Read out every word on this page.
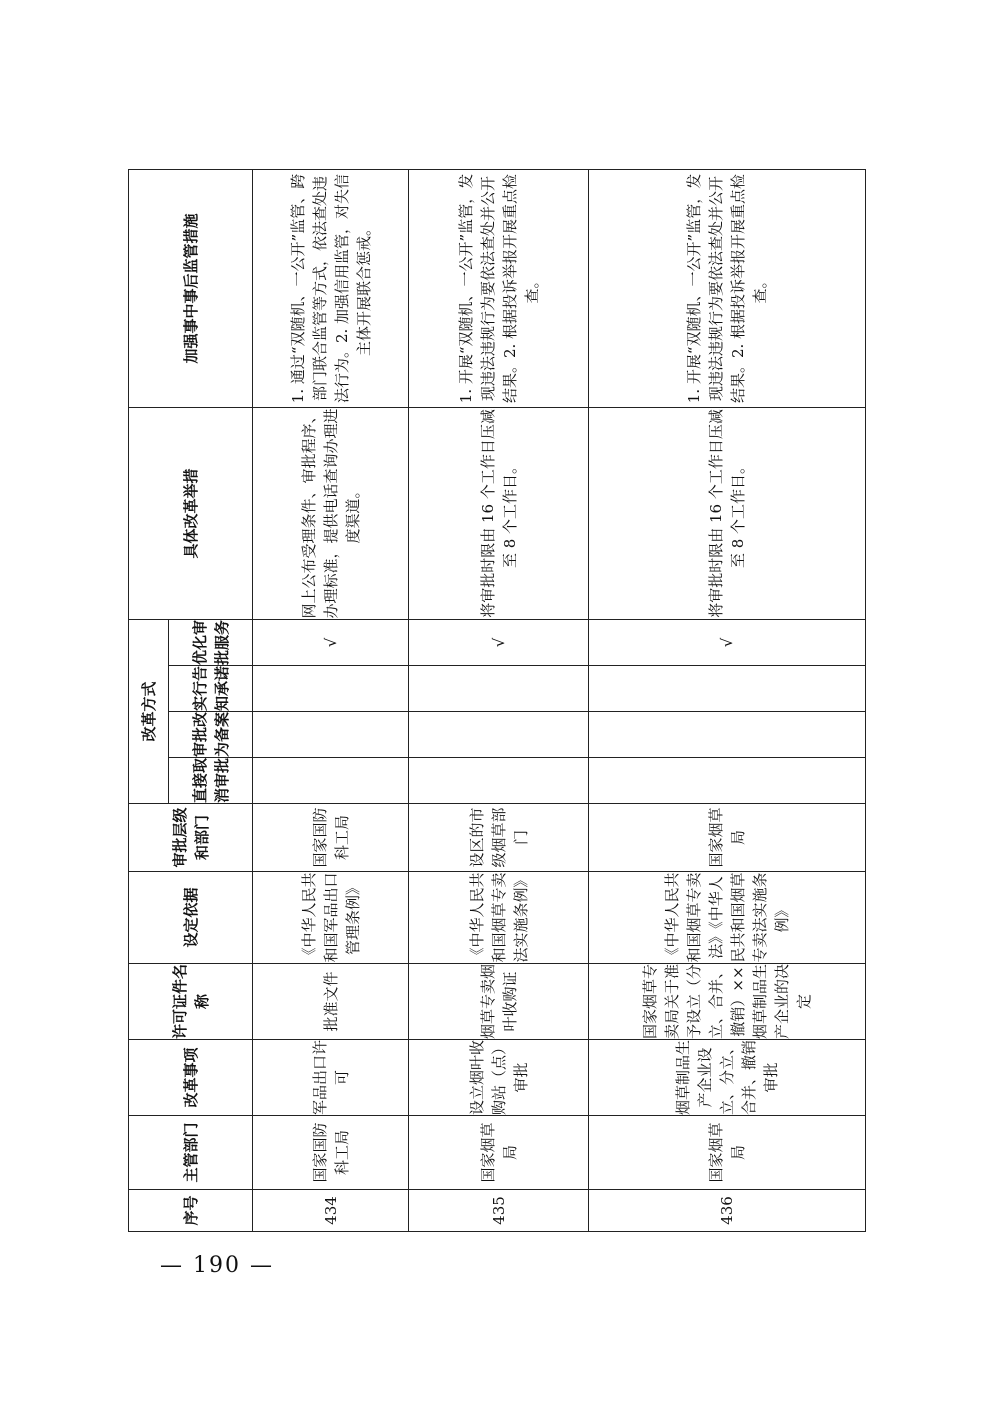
序号	主管部门	改革事项	许可证件名称	设定依据	审批层级和部门	改革方式				具体改革举措	加强事中事后监管措施
						直接取消审批	审批改为备案	实行告知承诺	优化审批服务		
434	国家国防科工局	军品出口许可	批准文件	《中华人民共和国军品出口管理条例》	国家国防科工局				√	网上公布受理条件、审批程序、办理标准，提供电话查询办理进度渠道。	1. 通过“双随机、一公开”监管、跨部门联合监管等方式，依法查处违法行为。2. 加强信用监管，对失信主体开展联合惩戒。
435	国家烟草局	设立烟叶收购站（点）审批	烟草专卖烟叶收购证	《中华人民共和国烟草专卖法实施条例》	设区的市级烟草部门				√	将审批时限由 16 个工作日压减至 8 个工作日。	1. 开展“双随机、一公开”监管，发现违法违规行为要依法查处并公开结果。2. 根据投诉举报开展重点检查。
436	国家烟草局	烟草制品生产企业设立、分立、合并、撤销审批	国家烟草专卖局关于准予设立（分立、合并、撤销）××烟草制品生产企业的决定	《中华人民共和国烟草专卖法》《中华人民共和国烟草专卖法实施条例》	国家烟草局				√	将审批时限由 16 个工作日压减至 8 个工作日。	1. 开展“双随机、一公开”监管，发现违法违规行为要依法查处并公开结果。2. 根据投诉举报开展重点检查。
— 190 —
